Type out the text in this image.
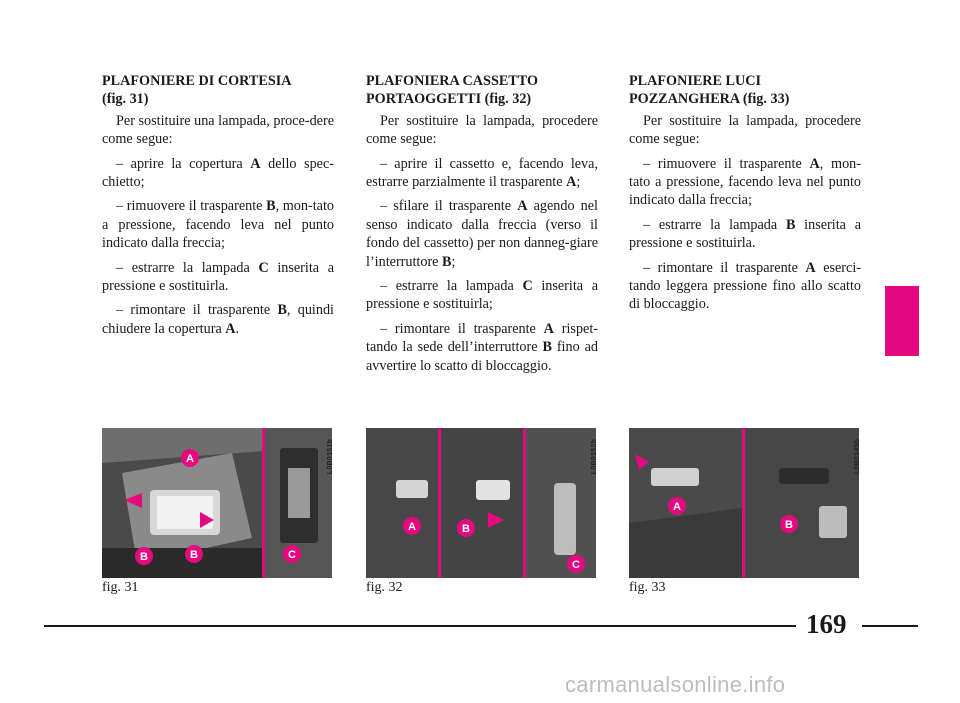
PLAFONIERE DI CORTESIA
(fig. 31)

Per sostituire una lampada, proce-dere come segue:

– aprire la copertura A dello spec-chietto;

– rimuovere il trasparente B, mon-tato a pressione, facendo leva nel punto indicato dalla freccia;

– estrarre la lampada C inserita a pressione e sostituirla.

– rimontare il trasparente B, quindi chiudere la copertura A.

PLAFONIERA CASSETTO
PORTAOGGETTI (fig. 32)

Per sostituire la lampada, procedere come segue:

– aprire il cassetto e, facendo leva, estrarre parzialmente il trasparente A;

– sfilare il trasparente A agendo nel senso indicato dalla freccia (verso il fondo del cassetto) per non danneg-giare l’interruttore B;

– estrarre la lampada C inserita a pressione e sostituirla;

– rimontare il trasparente A rispet-tando la sede dell’interruttore B fino ad avvertire lo scatto di bloccaggio.

PLAFONIERE LUCI
POZZANGHERA (fig. 33)

Per sostituire la lampada, procedere come segue:

– rimuovere il trasparente A, mon-tato a pressione, facendo leva nel punto indicato dalla freccia;

– estrarre la lampada B inserita a pressione e sostituirla.

– rimontare il trasparente A eserci-tando leggera pressione fino allo scatto di bloccaggio.

A
B	B	C
L0B0151b
fig. 31
A	B
C
L0B0152b
fig. 32
A
B
L0B0145b
fig. 33
169
carmanualsonline.info
